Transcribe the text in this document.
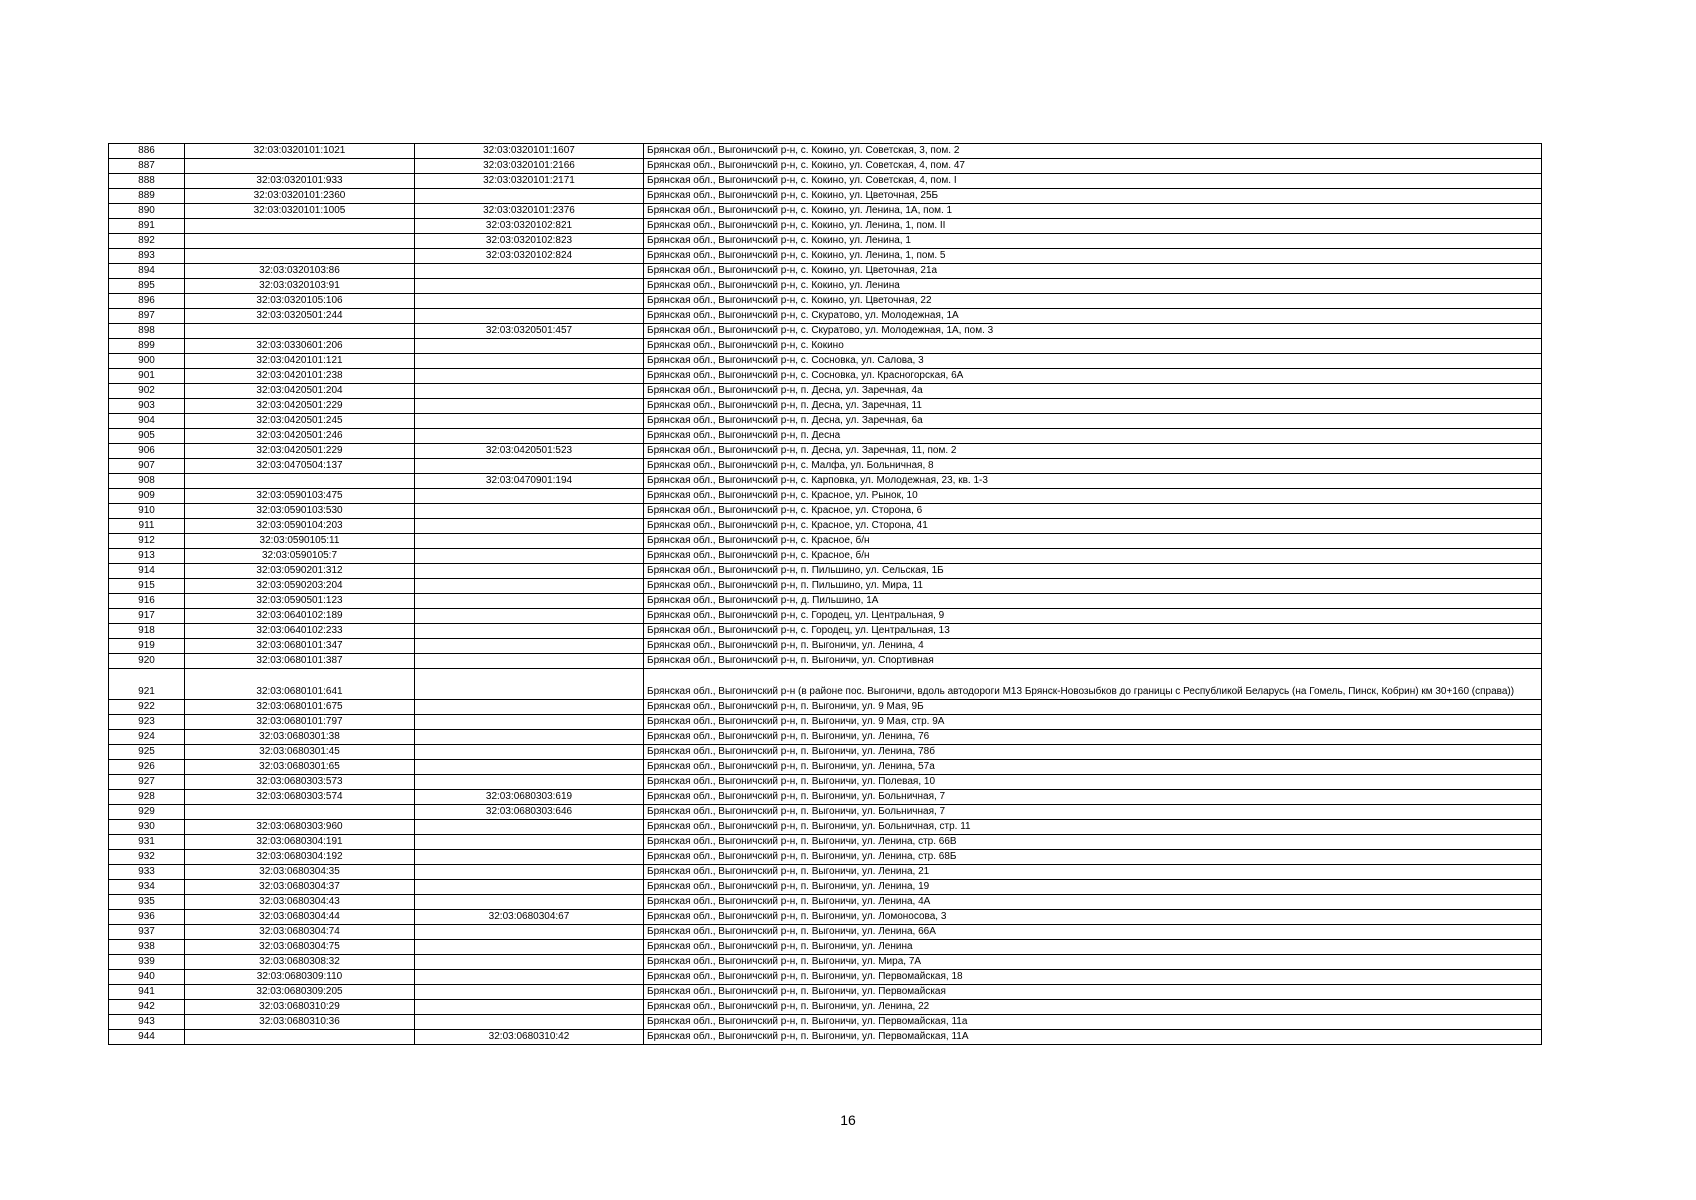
886	32:03:0320101:1021	32:03:0320101:1607	Брянская обл., Выгоничский р-н, с. Кокино, ул. Советская, 3, пом. 2
887		32:03:0320101:2166	Брянская обл., Выгоничский р-н, с. Кокино, ул. Советская, 4, пом. 47
888	32:03:0320101:933	32:03:0320101:2171	Брянская обл., Выгоничский р-н, с. Кокино, ул. Советская, 4, пом. I
889	32:03:0320101:2360		Брянская обл., Выгоничский р-н, с. Кокино, ул. Цветочная, 25Б
890	32:03:0320101:1005	32:03:0320101:2376	Брянская обл., Выгоничский р-н, с. Кокино, ул. Ленина, 1А, пом. 1
891		32:03:0320102:821	Брянская обл., Выгоничский р-н, с. Кокино, ул. Ленина, 1, пом. II
892		32:03:0320102:823	Брянская обл., Выгоничский р-н, с. Кокино, ул. Ленина, 1
893		32:03:0320102:824	Брянская обл., Выгоничский р-н, с. Кокино, ул. Ленина, 1, пом. 5
894	32:03:0320103:86		Брянская обл., Выгоничский р-н, с. Кокино, ул. Цветочная, 21а
895	32:03:0320103:91		Брянская обл., Выгоничский р-н, с. Кокино, ул. Ленина
896	32:03:0320105:106		Брянская обл., Выгоничский р-н, с. Кокино, ул. Цветочная, 22
897	32:03:0320501:244		Брянская обл., Выгоничский р-н, с. Скуратово, ул. Молодежная, 1А
898		32:03:0320501:457	Брянская обл., Выгоничский р-н, с. Скуратово, ул. Молодежная, 1А, пом. 3
899	32:03:0330601:206		Брянская обл., Выгоничский р-н, с. Кокино
900	32:03:0420101:121		Брянская обл., Выгоничский р-н, с. Сосновка, ул. Салова, 3
901	32:03:0420101:238		Брянская обл., Выгоничский р-н, с. Сосновка, ул. Красногорская, 6А
902	32:03:0420501:204		Брянская обл., Выгоничский р-н, п. Десна, ул. Заречная, 4а
903	32:03:0420501:229		Брянская обл., Выгоничский р-н, п. Десна, ул. Заречная, 11
904	32:03:0420501:245		Брянская обл., Выгоничский р-н, п. Десна, ул. Заречная, 6а
905	32:03:0420501:246		Брянская обл., Выгоничский р-н, п. Десна
906	32:03:0420501:229	32:03:0420501:523	Брянская обл., Выгоничский р-н, п. Десна, ул. Заречная, 11, пом. 2
907	32:03:0470504:137		Брянская обл., Выгоничский р-н, с. Малфа, ул. Больничная, 8
908		32:03:0470901:194	Брянская обл., Выгоничский р-н, с. Карповка, ул. Молодежная, 23, кв. 1-3
909	32:03:0590103:475		Брянская обл., Выгоничский р-н, с. Красное, ул. Рынок, 10
910	32:03:0590103:530		Брянская обл., Выгоничский р-н, с. Красное, ул. Сторона, 6
911	32:03:0590104:203		Брянская обл., Выгоничский р-н, с. Красное, ул. Сторона, 41
912	32:03:0590105:11		Брянская обл., Выгоничский р-н, с. Красное, б/н
913	32:03:0590105:7		Брянская обл., Выгоничский р-н, с. Красное, б/н
914	32:03:0590201:312		Брянская обл., Выгоничский р-н, п. Пильшино, ул. Сельская, 1Б
915	32:03:0590203:204		Брянская обл., Выгоничский р-н, п. Пильшино, ул. Мира, 11
916	32:03:0590501:123		Брянская обл., Выгоничский р-н, д. Пильшино, 1А
917	32:03:0640102:189		Брянская обл., Выгоничский р-н, с. Городец, ул. Центральная, 9
918	32:03:0640102:233		Брянская обл., Выгоничский р-н, с. Городец, ул. Центральная, 13
919	32:03:0680101:347		Брянская обл., Выгоничский р-н, п. Выгоничи, ул. Ленина, 4
920	32:03:0680101:387		Брянская обл., Выгоничский р-н, п. Выгоничи, ул. Спортивная
921	32:03:0680101:641		Брянская обл., Выгоничский р-н (в районе пос. Выгоничи, вдоль автодороги М13 Брянск-Новозыбков до границы с Республикой Беларусь (на Гомель, Пинск, Кобрин) км 30+160 (справа))
922	32:03:0680101:675		Брянская обл., Выгоничский р-н, п. Выгоничи, ул. 9 Мая, 9Б
923	32:03:0680101:797		Брянская обл., Выгоничский р-н, п. Выгоничи, ул. 9 Мая, стр. 9А
924	32:03:0680301:38		Брянская обл., Выгоничский р-н, п. Выгоничи, ул. Ленина, 76
925	32:03:0680301:45		Брянская обл., Выгоничский р-н, п. Выгоничи, ул. Ленина, 78б
926	32:03:0680301:65		Брянская обл., Выгоничский р-н, п. Выгоничи, ул. Ленина, 57а
927	32:03:0680303:573		Брянская обл., Выгоничский р-н, п. Выгоничи, ул. Полевая, 10
928	32:03:0680303:574	32:03:0680303:619	Брянская обл., Выгоничский р-н, п. Выгоничи, ул. Больничная, 7
929		32:03:0680303:646	Брянская обл., Выгоничский р-н, п. Выгоничи, ул. Больничная, 7
930	32:03:0680303:960		Брянская обл., Выгоничский р-н, п. Выгоничи, ул. Больничная, стр. 11
931	32:03:0680304:191		Брянская обл., Выгоничский р-н, п. Выгоничи, ул. Ленина, стр. 66В
932	32:03:0680304:192		Брянская обл., Выгоничский р-н, п. Выгоничи, ул. Ленина, стр. 68Б
933	32:03:0680304:35		Брянская обл., Выгоничский р-н, п. Выгоничи, ул. Ленина, 21
934	32:03:0680304:37		Брянская обл., Выгоничский р-н, п. Выгоничи, ул. Ленина, 19
935	32:03:0680304:43		Брянская обл., Выгоничский р-н, п. Выгоничи, ул. Ленина, 4А
936	32:03:0680304:44	32:03:0680304:67	Брянская обл., Выгоничский р-н, п. Выгоничи, ул. Ломоносова, 3
937	32:03:0680304:74		Брянская обл., Выгоничский р-н, п. Выгоничи, ул. Ленина, 66А
938	32:03:0680304:75		Брянская обл., Выгоничский р-н, п. Выгоничи, ул. Ленина
939	32:03:0680308:32		Брянская обл., Выгоничский р-н, п. Выгоничи, ул. Мира, 7А
940	32:03:0680309:110		Брянская обл., Выгоничский р-н, п. Выгоничи, ул. Первомайская, 18
941	32:03:0680309:205		Брянская обл., Выгоничский р-н, п. Выгоничи, ул. Первомайская
942	32:03:0680310:29		Брянская обл., Выгоничский р-н, п. Выгоничи, ул. Ленина, 22
943	32:03:0680310:36		Брянская обл., Выгоничский р-н, п. Выгоничи, ул. Первомайская, 11а
944		32:03:0680310:42	Брянская обл., Выгоничский р-н, п. Выгоничи, ул. Первомайская, 11А
16
